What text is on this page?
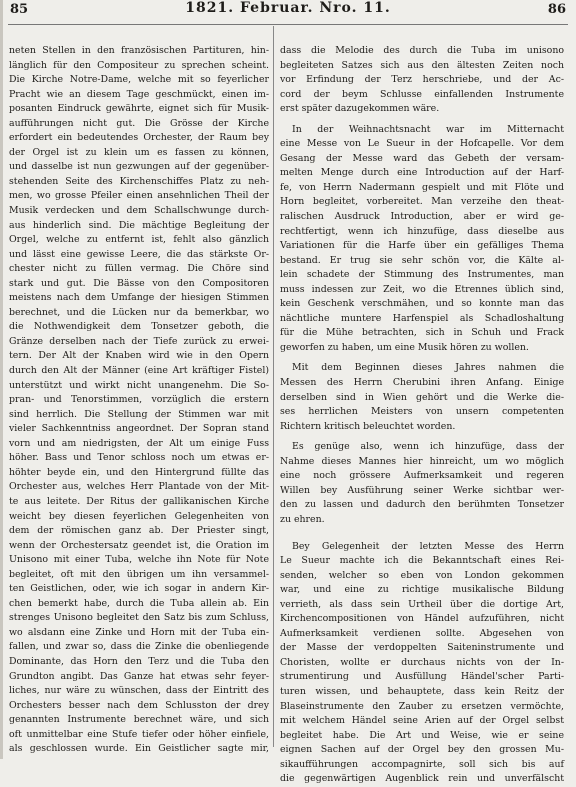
85	1821. Februar. Nro. 11.	86
neten Stellen in den französischen Partituren, hin-
länglich für den Compositeur zu sprechen scheint.
Die Kirche Notre-Dame, welche mit so feyerlicher
Pracht wie an diesem Tage geschmückt, einen im-
posanten Eindruck gewährte, eignet sich für Musik-
aufführungen nicht gut. Die Grösse der Kirche
erfordert ein bedeutendes Orchester, der Raum bey
der Orgel ist zu klein um es fassen zu können,
und dasselbe ist nun gezwungen auf der gegenüber-
stehenden Seite des Kirchenschiffes Platz zu neh-
men, wo grosse Pfeiler einen ansehnlichen Theil der
Musik verdecken und dem Schallschwunge durch-
aus hinderlich sind. Die mächtige Begleitung der
Orgel, welche zu entfernt ist, fehlt also gänzlich
und lässt eine gewisse Leere, die das stärkste Or-
chester nicht zu füllen vermag. Die Chöre sind
stark und gut. Die Bässe von den Compositoren
meistens nach dem Umfange der hiesigen Stimmen
berechnet, und die Lücken nur da bemerkbar, wo
die Nothwendigkeit dem Tonsetzer geboth, die
Gränze derselben nach der Tiefe zurück zu erwei-
tern. Der Alt der Knaben wird wie in den Opern
durch den Alt der Männer (eine Art kräftiger Fistel)
unterstützt und wirkt nicht unangenehm. Die So-
pran- und Tenorstimmen, vorzüglich die erstern
sind herrlich. Die Stellung der Stimmen war mit
vieler Sachkenntniss angeordnet. Der Sopran stand
vorn und am niedrigsten, der Alt um einige Fuss
höher. Bass und Tenor schloss noch um etwas er-
höhter beyde ein, und den Hintergrund füllte das
Orchester aus, welches Herr Plantade von der Mit-
te aus leitete. Der Ritus der gallikanischen Kirche
weicht bey diesen feyerlichen Gelegenheiten von
dem der römischen ganz ab. Der Priester singt,
wenn der Orchestersatz geendet ist, die Oration im
Unisono mit einer Tuba, welche ihn Note für Note
begleitet, oft mit den übrigen um ihn versammel-
ten Geistlichen, oder, wie ich sogar in andern Kir-
chen bemerkt habe, durch die Tuba allein ab. Ein
strenges Unisono begleitet den Satz bis zum Schluss,
wo alsdann eine Zinke und Horn mit der Tuba ein-
fallen, und zwar so, dass die Zinke die obenliegende
Dominante, das Horn den Terz und die Tuba den
Grundton angibt. Das Ganze hat etwas sehr feyer-
liches, nur wäre zu wünschen, dass der Eintritt des
Orchesters besser nach dem Schlusston der drey
genannten Instrumente berechnet wäre, und sich
oft unmittelbar eine Stufe tiefer oder höher einfiele,
als geschlossen wurde. Ein Geistlicher sagte mir,
dass die Melodie des durch die Tuba im unisono
begleiteten Satzes sich aus den ältesten Zeiten noch
vor Erfindung der Terz herschriebe, und der Ac-
cord der beym Schlusse einfallenden Instrumente
erst später dazugekommen wäre.
In der Weihnachtsnacht war im Mitternacht
eine Messe von Le Sueur in der Hofcapelle. Vor dem
Gesang der Messe ward das Gebeth der versam-
melten Menge durch eine Introduction auf der Harf-
fe, von Herrn Nadermann gespielt und mit Flöte und
Horn begleitet, vorbereitet. Man verzeihe den theat-
ralischen Ausdruck Introduction, aber er wird ge-
rechtfertigt, wenn ich hinzufüge, dass dieselbe aus
Variationen für die Harfe über ein gefälliges Thema
bestand. Er trug sie sehr schön vor, die Kälte al-
lein schadete der Stimmung des Instrumentes, man
muss indessen zur Zeit, wo die Etrennes üblich sind,
kein Geschenk verschmähen, und so konnte man das
nächtliche muntere Harfenspiel als Schadloshaltung
für die Mühe betrachten, sich in Schuh und Frack
geworfen zu haben, um eine Musik hören zu wollen.
Mit dem Beginnen dieses Jahres nahmen die
Messen des Herrn Cherubini ihren Anfang. Einige
derselben sind in Wien gehört und die Werke die-
ses herrlichen Meisters von unsern competenten
Richtern kritisch beleuchtet worden.
Es genüge also, wenn ich hinzufüge, dass der
Nahme dieses Mannes hier hinreicht, um wo möglich
eine noch grössere Aufmerksamkeit und regeren
Willen bey Ausführung seiner Werke sichtbar wer-
den zu lassen und dadurch den berühmten Tonsetzer
zu ehren.
Bey Gelegenheit der letzten Messe des Herrn
Le Sueur machte ich die Bekanntschaft eines Rei-
senden, welcher so eben von London gekommen
war, und eine zu richtige musikalische Bildung
verrieth, als dass sein Urtheil über die dortige Art,
Kirchencompositionen von Händel aufzuführen, nicht
Aufmerksamkeit verdienen sollte. Abgesehen von
der Masse der verdoppelten Saiteninstrumente und
Choristen, wollte er durchaus nichts von der In-
strumentirung und Ausfüllung Händel'scher Parti-
turen wissen, und behauptete, dass kein Reitz der
Blaseinstrumente den Zauber zu ersetzen vermöchte,
mit welchem Händel seine Arien auf der Orgel selbst
begleitet habe. Die Art und Weise, wie er seine
eignen Sachen auf der Orgel bey den grossen Mu-
sikaufführungen accompagnirte, soll sich bis auf
die gegenwärtigen Augenblick rein und unverfälscht
